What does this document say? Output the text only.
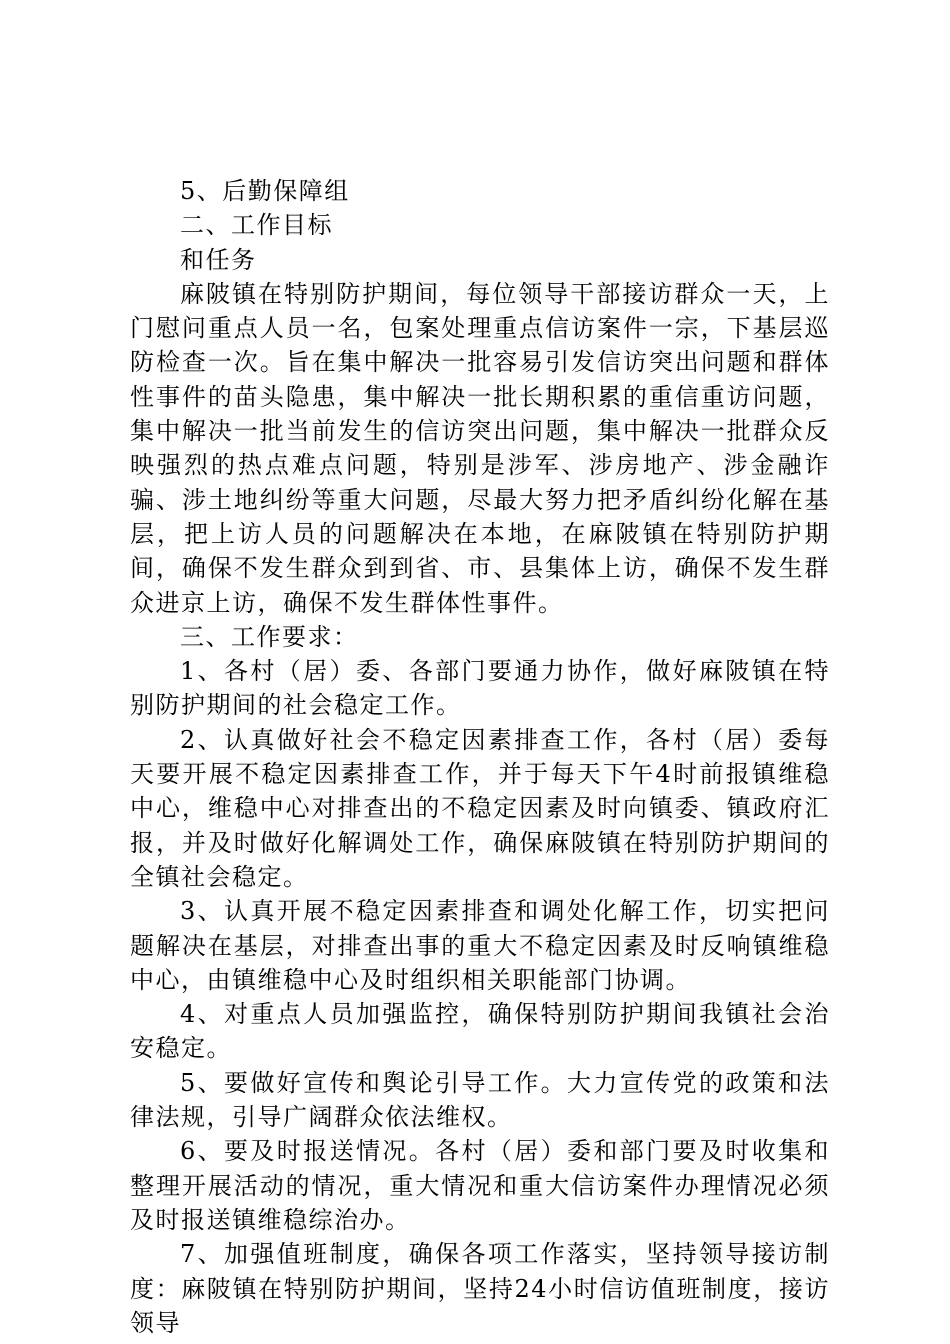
5、后勤保障组

二、工作目标

和任务

麻陂镇在特别防护期间，每位领导干部接访群众一天，上门慰问重点人员一名，包案处理重点信访案件一宗，下基层巡防检查一次。旨在集中解决一批容易引发信访突出问题和群体性事件的苗头隐患，集中解决一批长期积累的重信重访问题，集中解决一批当前发生的信访突出问题，集中解决一批群众反映强烈的热点难点问题，特别是涉军、涉房地产、涉金融诈骗、涉土地纠纷等重大问题，尽最大努力把矛盾纠纷化解在基层，把上访人员的问题解决在本地，在麻陂镇在特别防护期间，确保不发生群众到到省、市、县集体上访，确保不发生群众进京上访，确保不发生群体性事件。

三、工作要求：

1、各村（居）委、各部门要通力协作，做好麻陂镇在特别防护期间的社会稳定工作。

2、认真做好社会不稳定因素排查工作，各村（居）委每天要开展不稳定因素排查工作，并于每天下午4时前报镇维稳中心，维稳中心对排查出的不稳定因素及时向镇委、镇政府汇报，并及时做好化解调处工作，确保麻陂镇在特别防护期间的全镇社会稳定。

3、认真开展不稳定因素排查和调处化解工作，切实把问题解决在基层，对排查出事的重大不稳定因素及时反响镇维稳中心，由镇维稳中心及时组织相关职能部门协调。

4、对重点人员加强监控，确保特别防护期间我镇社会治安稳定。

5、要做好宣传和舆论引导工作。大力宣传党的政策和法律法规，引导广阔群众依法维权。

6、要及时报送情况。各村（居）委和部门要及时收集和整理开展活动的情况，重大情况和重大信访案件办理情况必须及时报送镇维稳综治办。

7、加强值班制度，确保各项工作落实，坚持领导接访制度：麻陂镇在特别防护期间，坚持24小时信访值班制度，接访领导
